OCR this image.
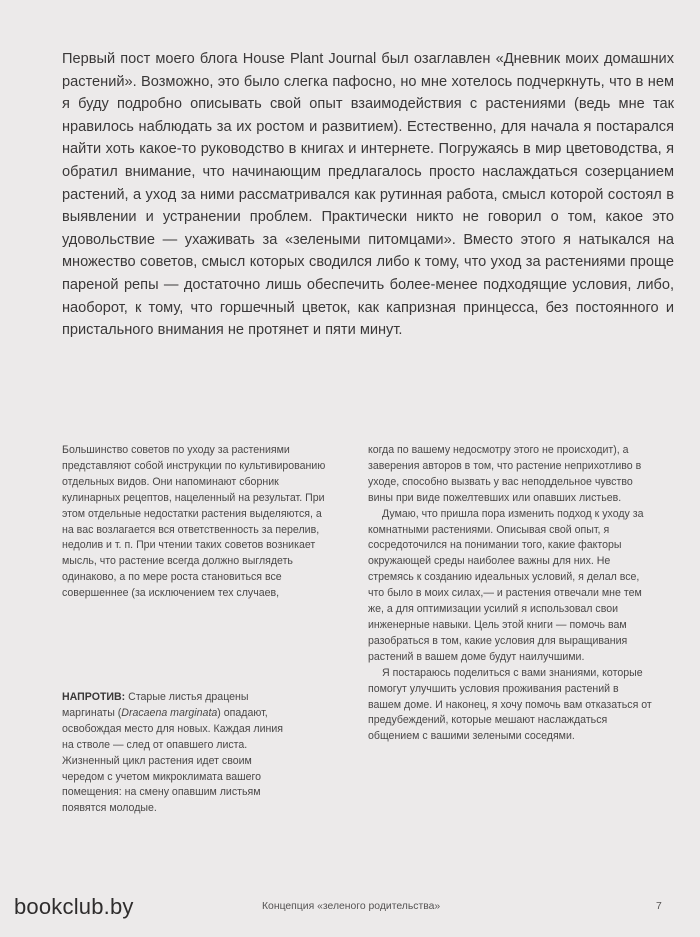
Первый пост моего блога House Plant Journal был озаглавлен «Дневник моих домашних растений». Возможно, это было слегка пафосно, но мне хотелось подчеркнуть, что в нем я буду подробно описывать свой опыт взаимодействия с растениями (ведь мне так нравилось наблюдать за их ростом и развитием). Естественно, для начала я постарался найти хоть какое-то руководство в книгах и интернете. Погружаясь в мир цветоводства, я обратил внимание, что начинающим предлагалось просто наслаждаться созерцанием растений, а уход за ними рассматривался как рутинная работа, смысл которой состоял в выявлении и устранении проблем. Практически никто не говорил о том, какое это удовольствие — ухаживать за «зелеными питомцами». Вместо этого я натыкался на множество советов, смысл которых сводился либо к тому, что уход за растениями проще пареной репы — достаточно лишь обеспечить более-менее подходящие условия, либо, наоборот, к тому, что горшечный цветок, как капризная принцесса, без постоянного и пристального внимания не протянет и пяти минут.

Большинство советов по уходу за растениями представляют собой инструкции по культивированию отдельных видов. Они напоминают сборник кулинарных рецептов, нацеленный на результат. При этом отдельные недостатки растения выделяются, а на вас возлагается вся ответственность за перелив, недолив и т. п. При чтении таких советов возникает мысль, что растение всегда должно выглядеть одинаково, а по мере роста становиться все совершеннее (за исключением тех случаев,

когда по вашему недосмотру этого не происходит), а заверения авторов в том, что растение неприхотливо в уходе, способно вызвать у вас неподдельное чувство вины при виде пожелтевших или опавших листьев.

Думаю, что пришла пора изменить подход к уходу за комнатными растениями. Описывая свой опыт, я сосредоточился на понимании того, какие факторы окружающей среды наиболее важны для них. Не стремясь к созданию идеальных условий, я делал все, что было в моих силах,— и растения отвечали мне тем же, а для оптимизации усилий я использовал свои инженерные навыки. Цель этой книги — помочь вам разобраться в том, какие условия для выращивания растений в вашем доме будут наилучшими.

Я постараюсь поделиться с вами знаниями, которые помогут улучшить условия проживания растений в вашем доме. И наконец, я хочу помочь вам отказаться от предубеждений, которые мешают наслаждаться общением с вашими зелеными соседями.

НАПРОТИВ: Старые листья драцены маргинаты (Dracaena marginata) опадают, освобождая место для новых. Каждая линия на стволе — след от опавшего листа. Жизненный цикл растения идет своим чередом с учетом микроклимата вашего помещения: на смену опавшим листьям появятся молодые.

bookclub.by	Концепция «зеленого родительства»	7
